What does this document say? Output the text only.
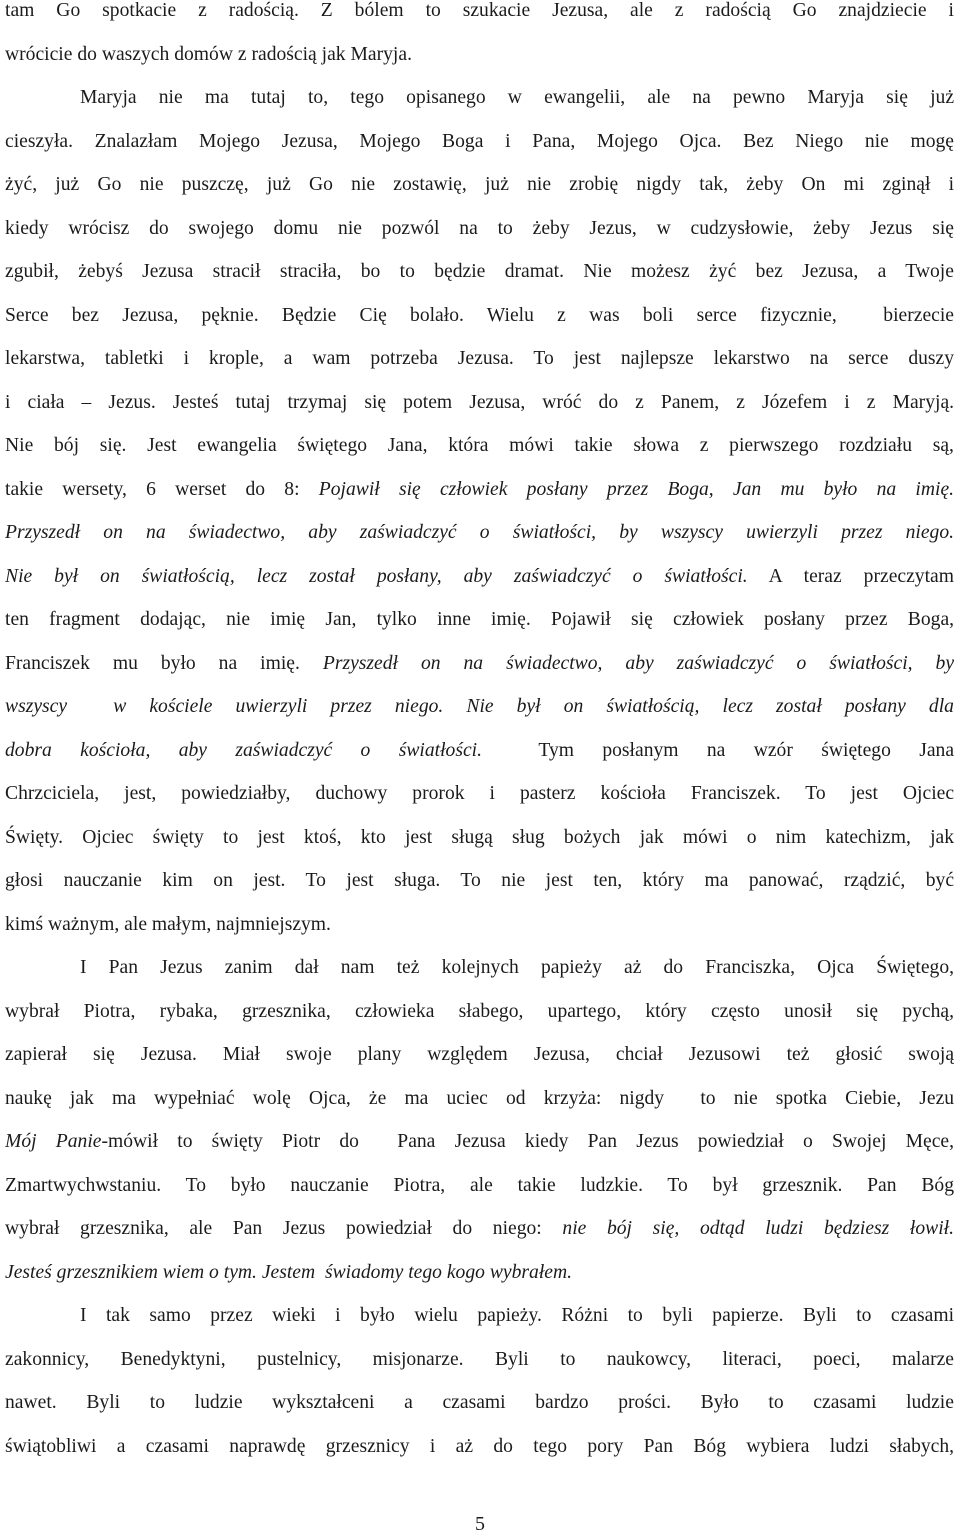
tam Go spotkacie z radością. Z bólem to szukacie Jezusa, ale z radością Go znajdziecie i
wrócicie do waszych domów z radością jak Maryja.
Maryja nie ma tutaj to, tego opisanego w ewangelii, ale na pewno Maryja się już
cieszyła. Znalazłam Mojego Jezusa, Mojego Boga i Pana, Mojego Ojca. Bez Niego nie mogę
żyć, już Go nie puszczę, już Go nie zostawię, już nie zrobię nigdy tak, żeby On mi zginął i
kiedy wrócisz do swojego domu nie pozwól na to żeby Jezus, w cudzysłowie, żeby Jezus się
zgubił, żebyś Jezusa stracił straciła, bo to będzie dramat. Nie możesz żyć bez Jezusa, a Twoje
Serce bez Jezusa, pęknie. Będzie Cię bolało. Wielu z was boli serce fizycznie,  bierzecie
lekarstwa, tabletki i krople, a wam potrzeba Jezusa. To jest najlepsze lekarstwo na serce duszy
i ciała – Jezus. Jesteś tutaj trzymaj się potem Jezusa, wróć do z Panem, z Józefem i z Maryją.
Nie bój się. Jest ewangelia świętego Jana, która mówi takie słowa z pierwszego rozdziału są,
takie wersety, 6 werset do 8: Pojawił się człowiek posłany przez Boga, Jan mu było na imię.
Przyszedł on na świadectwo, aby zaświadczyć o światłości, by wszyscy uwierzyli przez niego.
Nie był on światłością, lecz został posłany, aby zaświadczyć o światłości. A teraz przeczytam
ten fragment dodając, nie imię Jan, tylko inne imię. Pojawił się człowiek posłany przez Boga,
Franciszek mu było na imię. Przyszedł on na świadectwo, aby zaświadczyć o światłości, by
wszyscy  w kościele uwierzyli przez niego. Nie był on światłością, lecz został posłany dla
dobra kościoła, aby zaświadczyć o światłości.  Tym posłanym na wzór świętego Jana
Chrzciciela, jest, powiedziałby, duchowy prorok i pasterz kościoła Franciszek. To jest Ojciec
Święty. Ojciec święty to jest ktoś, kto jest sługą sług bożych jak mówi o nim katechizm, jak
głosi nauczanie kim on jest. To jest sługa. To nie jest ten, który ma panować, rządzić, być
kimś ważnym, ale małym, najmniejszym.
I Pan Jezus zanim dał nam też kolejnych papieży aż do Franciszka, Ojca Świętego,
wybrał Piotra, rybaka, grzesznika, człowieka słabego, upartego, który często unosił się pychą,
zapierał się Jezusa. Miał swoje plany względem Jezusa, chciał Jezusowi też głosić swoją
naukę jak ma wypełniać wolę Ojca, że ma uciec od krzyża: nigdy  to nie spotka Ciebie, Jezu
Mój Panie-mówił to święty Piotr do  Pana Jezusa kiedy Pan Jezus powiedział o Swojej Męce,
Zmartwychwstaniu. To było nauczanie Piotra, ale takie ludzkie. To był grzesznik. Pan Bóg
wybrał grzesznika, ale Pan Jezus powiedział do niego: nie bój się, odtąd ludzi będziesz łowił.
Jesteś grzesznikiem wiem o tym. Jestem  świadomy tego kogo wybrałem.
I tak samo przez wieki i było wielu papieży. Różni to byli papierze. Byli to czasami
zakonnicy, Benedyktyni, pustelnicy, misjonarze. Byli to naukowcy, literaci, poeci, malarze
nawet. Byli to ludzie wykształceni a czasami bardzo prości. Było to czasami ludzie
świątobliwi a czasami naprawdę grzesznicy i aż do tego pory Pan Bóg wybiera ludzi słabych,
5
